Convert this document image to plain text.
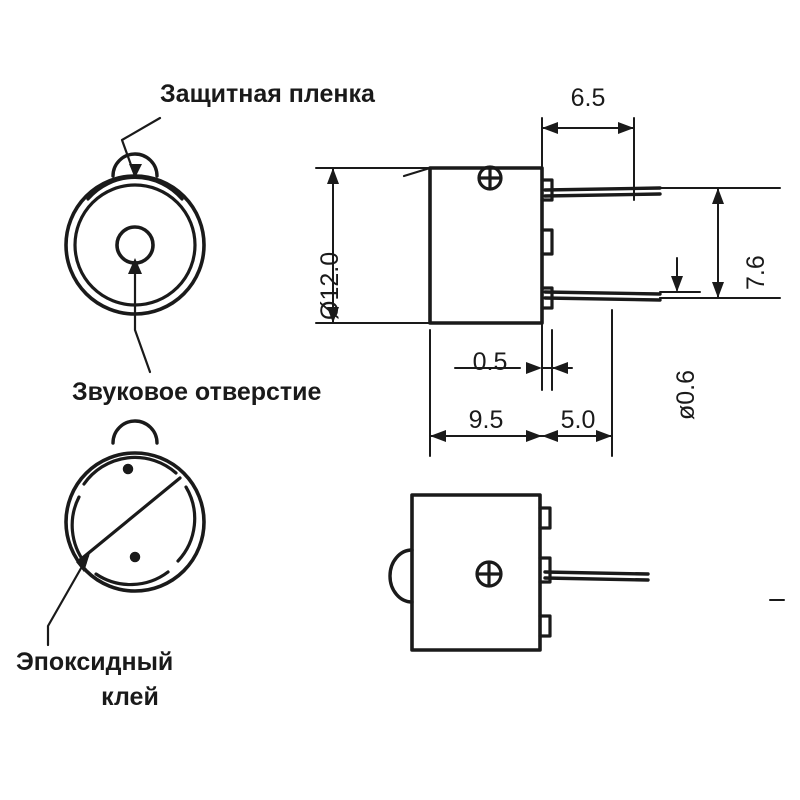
Защитная пленка
Звуковое отверстие
Эпоксидный
клей
Ø12.0
6.5
7.6
ø0.6
0.5
9.5	5.0
